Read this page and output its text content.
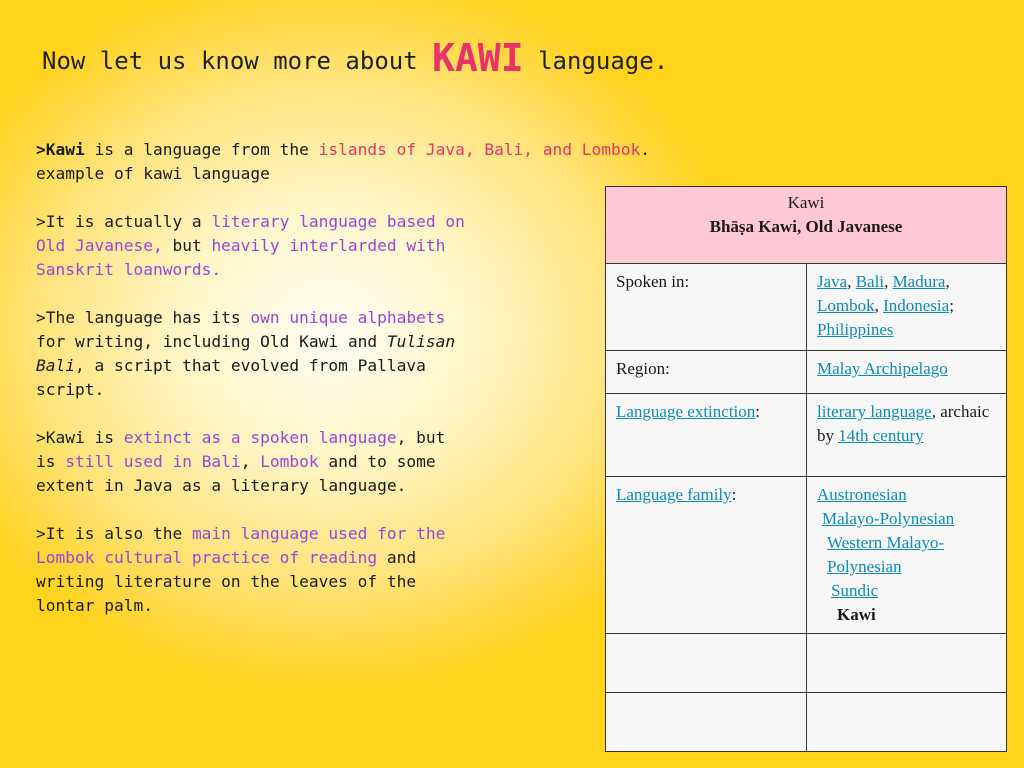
Now let us know more about KAWI language.

>Kawi is a language from the islands of Java, Bali, and Lombok.
example of kawi language

>It is actually a literary language based on
Old Javanese, but heavily interlarded with
Sanskrit loanwords.

>The language has its own unique alphabets
for writing, including Old Kawi and Tulisan
Bali, a script that evolved from Pallava
script.

>Kawi is extinct as a spoken language, but
is still used in Bali, Lombok and to some
extent in Java as a literary language.

>It is also the main language used for the
Lombok cultural practice of reading and
writing literature on the leaves of the
lontar palm.

Kawi
Bhāṣa Kawi, Old Javanese	
Spoken in:	Java, Bali, Madura,
Lombok, Indonesia;
Philippines
Region:	Malay Archipelago
Language extinction:	literary language, archaic by 14th century
Language family:	Austronesian
Malayo-Polynesian
Western Malayo-Polynesian
Sundic
Kawi
